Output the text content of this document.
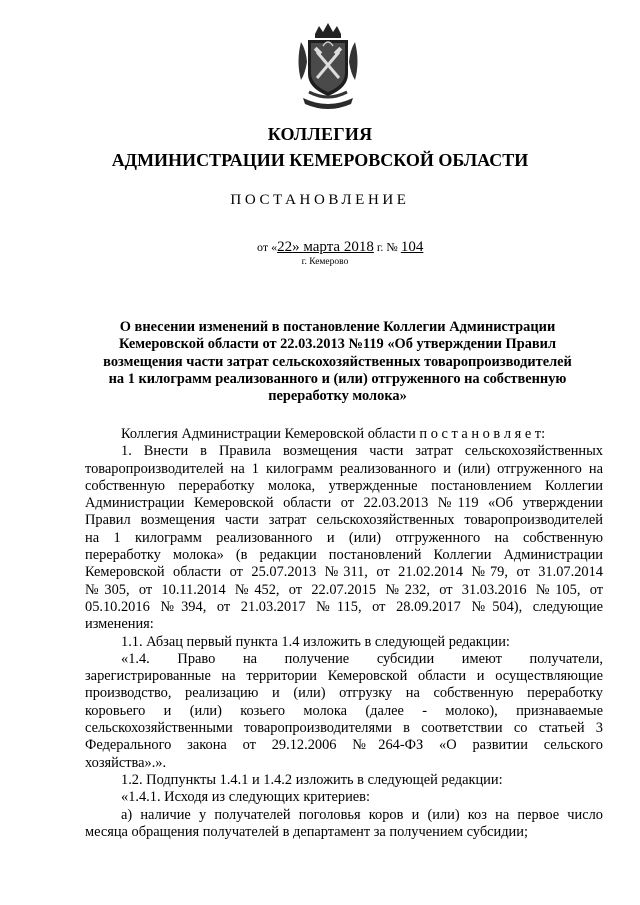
КОЛЛЕГИЯ
АДМИНИСТРАЦИИ КЕМЕРОВСКОЙ ОБЛАСТИ
ПОСТАНОВЛЕНИЕ
от «22» марта 2018 г. № 104
г. Кемерово
О внесении изменений в постановление Коллегии Администрации
Кемеровской области от 22.03.2013 №119 «Об утверждении Правил
возмещения части затрат сельскохозяйственных товаропроизводителей
на 1 килограмм реализованного и (или) отгруженного на собственную
переработку молока»
Коллегия Администрации Кемеровской области п о с т а н о в л я е т:
1. Внести в Правила возмещения части затрат сельскохозяйственных
товаропроизводителей на 1 килограмм реализованного и (или) отгруженного на
собственную переработку молока, утвержденные постановлением Коллегии
Администрации Кемеровской области от 22.03.2013 №119 «Об утверждении
Правил возмещения части затрат сельскохозяйственных товаропроизводителей
на 1 килограмм реализованного и (или) отгруженного на собственную
переработку молока» (в редакции постановлений Коллегии Администрации
Кемеровской области от 25.07.2013 №311, от 21.02.2014 №79, от 31.07.2014
№305, от 10.11.2014 №452, от 22.07.2015 №232, от 31.03.2016 №105, от
05.10.2016 №394, от 21.03.2017 №115, от 28.09.2017 №504), следующие
изменения:
1.1. Абзац первый пункта 1.4 изложить в следующей редакции:
«1.4. Право на получение субсидии имеют получатели,
зарегистрированные на территории Кемеровской области и осуществляющие
производство, реализацию и (или) отгрузку на собственную переработку
коровьего и (или) козьего молока (далее - молоко), признаваемые
сельскохозяйственными товаропроизводителями в соответствии со статьей 3
Федерального закона от 29.12.2006 №264-ФЗ «О развитии сельского
хозяйства».».
1.2. Подпункты 1.4.1 и 1.4.2 изложить в следующей редакции:
«1.4.1. Исходя из следующих критериев:
а) наличие у получателей поголовья коров и (или) коз на первое число
месяца обращения получателей в департамент за получением субсидии;
